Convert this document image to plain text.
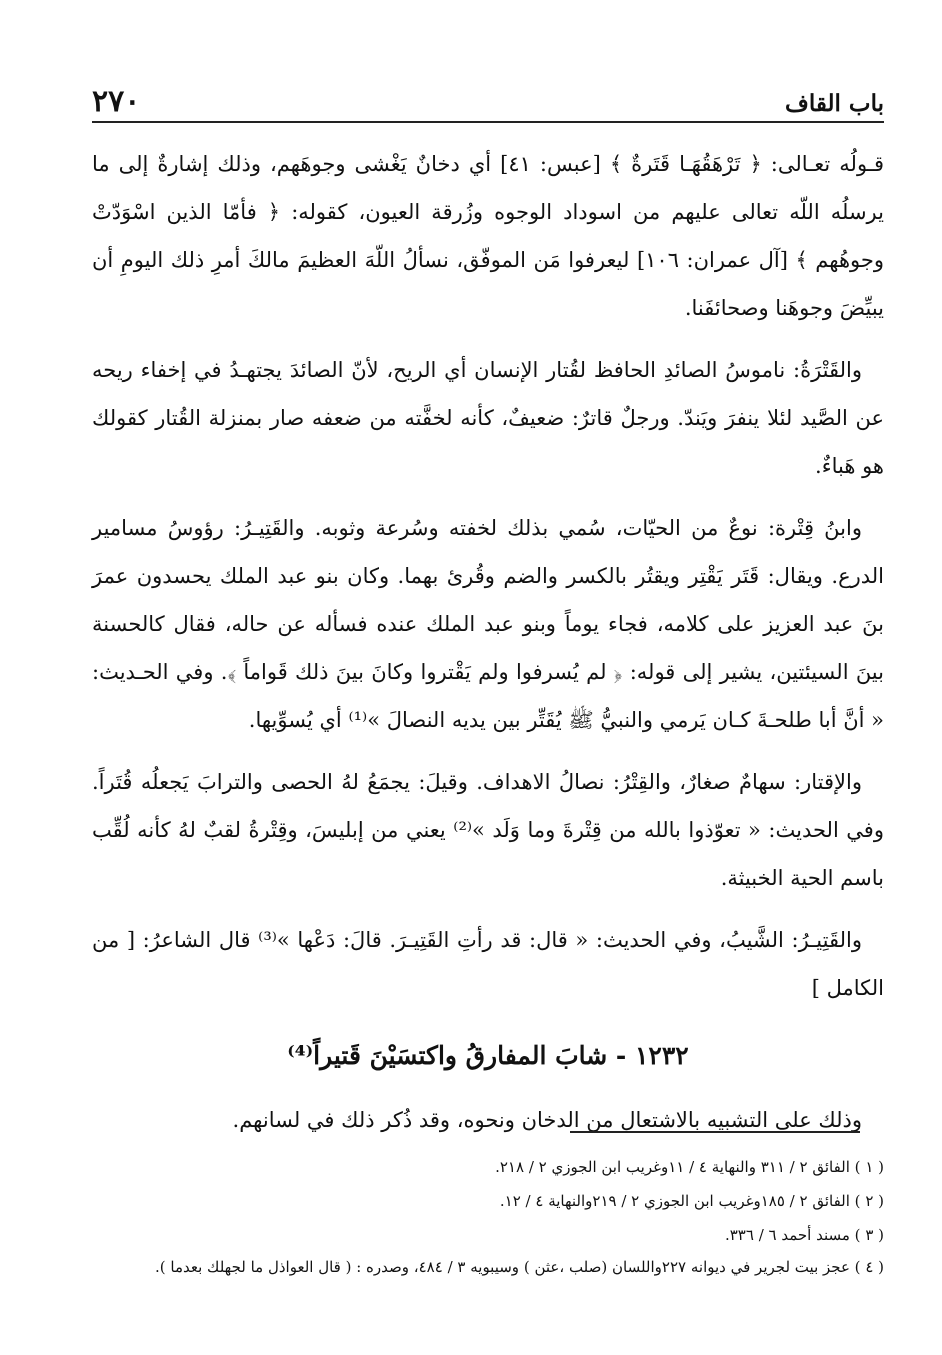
باب القاف
٢٧٠

قـولُه تعـالى: ﴿ تَرْهَقُهَـا قَتَرةٌ ﴾ [عبس: ٤١] أي دخانٌ يَغْشى وجوهَهم، وذلك إشارةٌ إلى ما يرسلُه اللّه تعالى عليهم من اسوداد الوجوه وزُرقة العيون، كقوله: ﴿ فأمّا الذين اسْوَدّتْ وجوهُهم ﴾ [آل عمران: ١٠٦] ليعرفوا مَن الموفّق، نسألُ اللّهَ العظيمَ مالكَ أمرِ ذلك اليومِ أن يبيِّضَ وجوهَنا وصحائفَنا.

والقَتْرَةُ: ناموسُ الصائدِ الحافظ لقُتار الإنسان أي الريح، لأنّ الصائدَ يجتهـدُ في إخفاء ريحه عن الصَّيد لئلا ينفرَ ويَندّ. ورجلٌ قاترٌ: ضعيفٌ، كأنه لخفَّته من ضعفه صار بمنزلة القُتار كقولك هو هَباءٌ.

وابنُ قِتْرة: نوعٌ من الحيّات، سُمي بذلك لخفته وسُرعة وثوبه. والقَتِيـرُ: رؤوسُ مسامير الدرع. ويقال: قَتَر يَقْتِر ويقتُر بالكسر والضم وقُرئ بهما. وكان بنو عبد الملك يحسدون عمرَ بنَ عبد العزيز على كلامه، فجاء يوماً وبنو عبد الملك عنده فسأله عن حاله، فقال كالحسنة بينَ السيئتين، يشير إلى قوله: ﴿ لم يُسرفوا ولم يَقْتروا وكانَ بينَ ذلك قَواماً ﴾. وفي الحـديث: « أنَّ أبا طلحـةَ كـان يَرمي والنبيُّ ﷺ يُقَتِّر بين يديه النصالَ »⁽¹⁾ أي يُسوِّيها.

والإقتار: سهامٌ صغارٌ، والقِتْرُ: نصالُ الاهداف. وقيلَ: يجمَعُ لهُ الحصى والترابَ يَجعلُه قُتَراً. وفي الحديث: « تعوّذوا بالله من قِتْرةَ وما وَلَد »⁽²⁾ يعني من إبليسَ، وقِتْرةُ لقبٌ لهُ كأنه لُقِّب باسم الحية الخبيثة.

والقَتِيـرُ: الشَّيبُ، وفي الحديث: « قال: قد رأتِ القَتِيـرَ. قالَ: دَعْها »⁽³⁾ قال الشاعرُ: [ من الكامل ]

١٢٣٢ - شابَ المفارقُ واكتسَيْنَ قَتيراً⁽⁴⁾

وذلك على التشبيه بالاشتعال من الدخان ونحوه، وقد ذُكر ذلك في لسانهم.

( ١ ) الفائق ٢ / ٣١١ والنهاية ٤ / ١١وغريب ابن الجوزي ٢ / ٢١٨.

( ٢ ) الفائق ٢ / ١٨٥وغريب ابن الجوزي ٢ / ٢١٩والنهاية ٤ / ١٢.

( ٣ ) مسند أحمد ٦ / ٣٣٦.

( ٤ ) عجز بيت لجرير في ديوانه ٢٢٧واللسان (صلب ،عثن ) وسيبويه ٣ / ٤٨٤، وصدره : ( قال العواذل ما لجهلك بعدما ).
